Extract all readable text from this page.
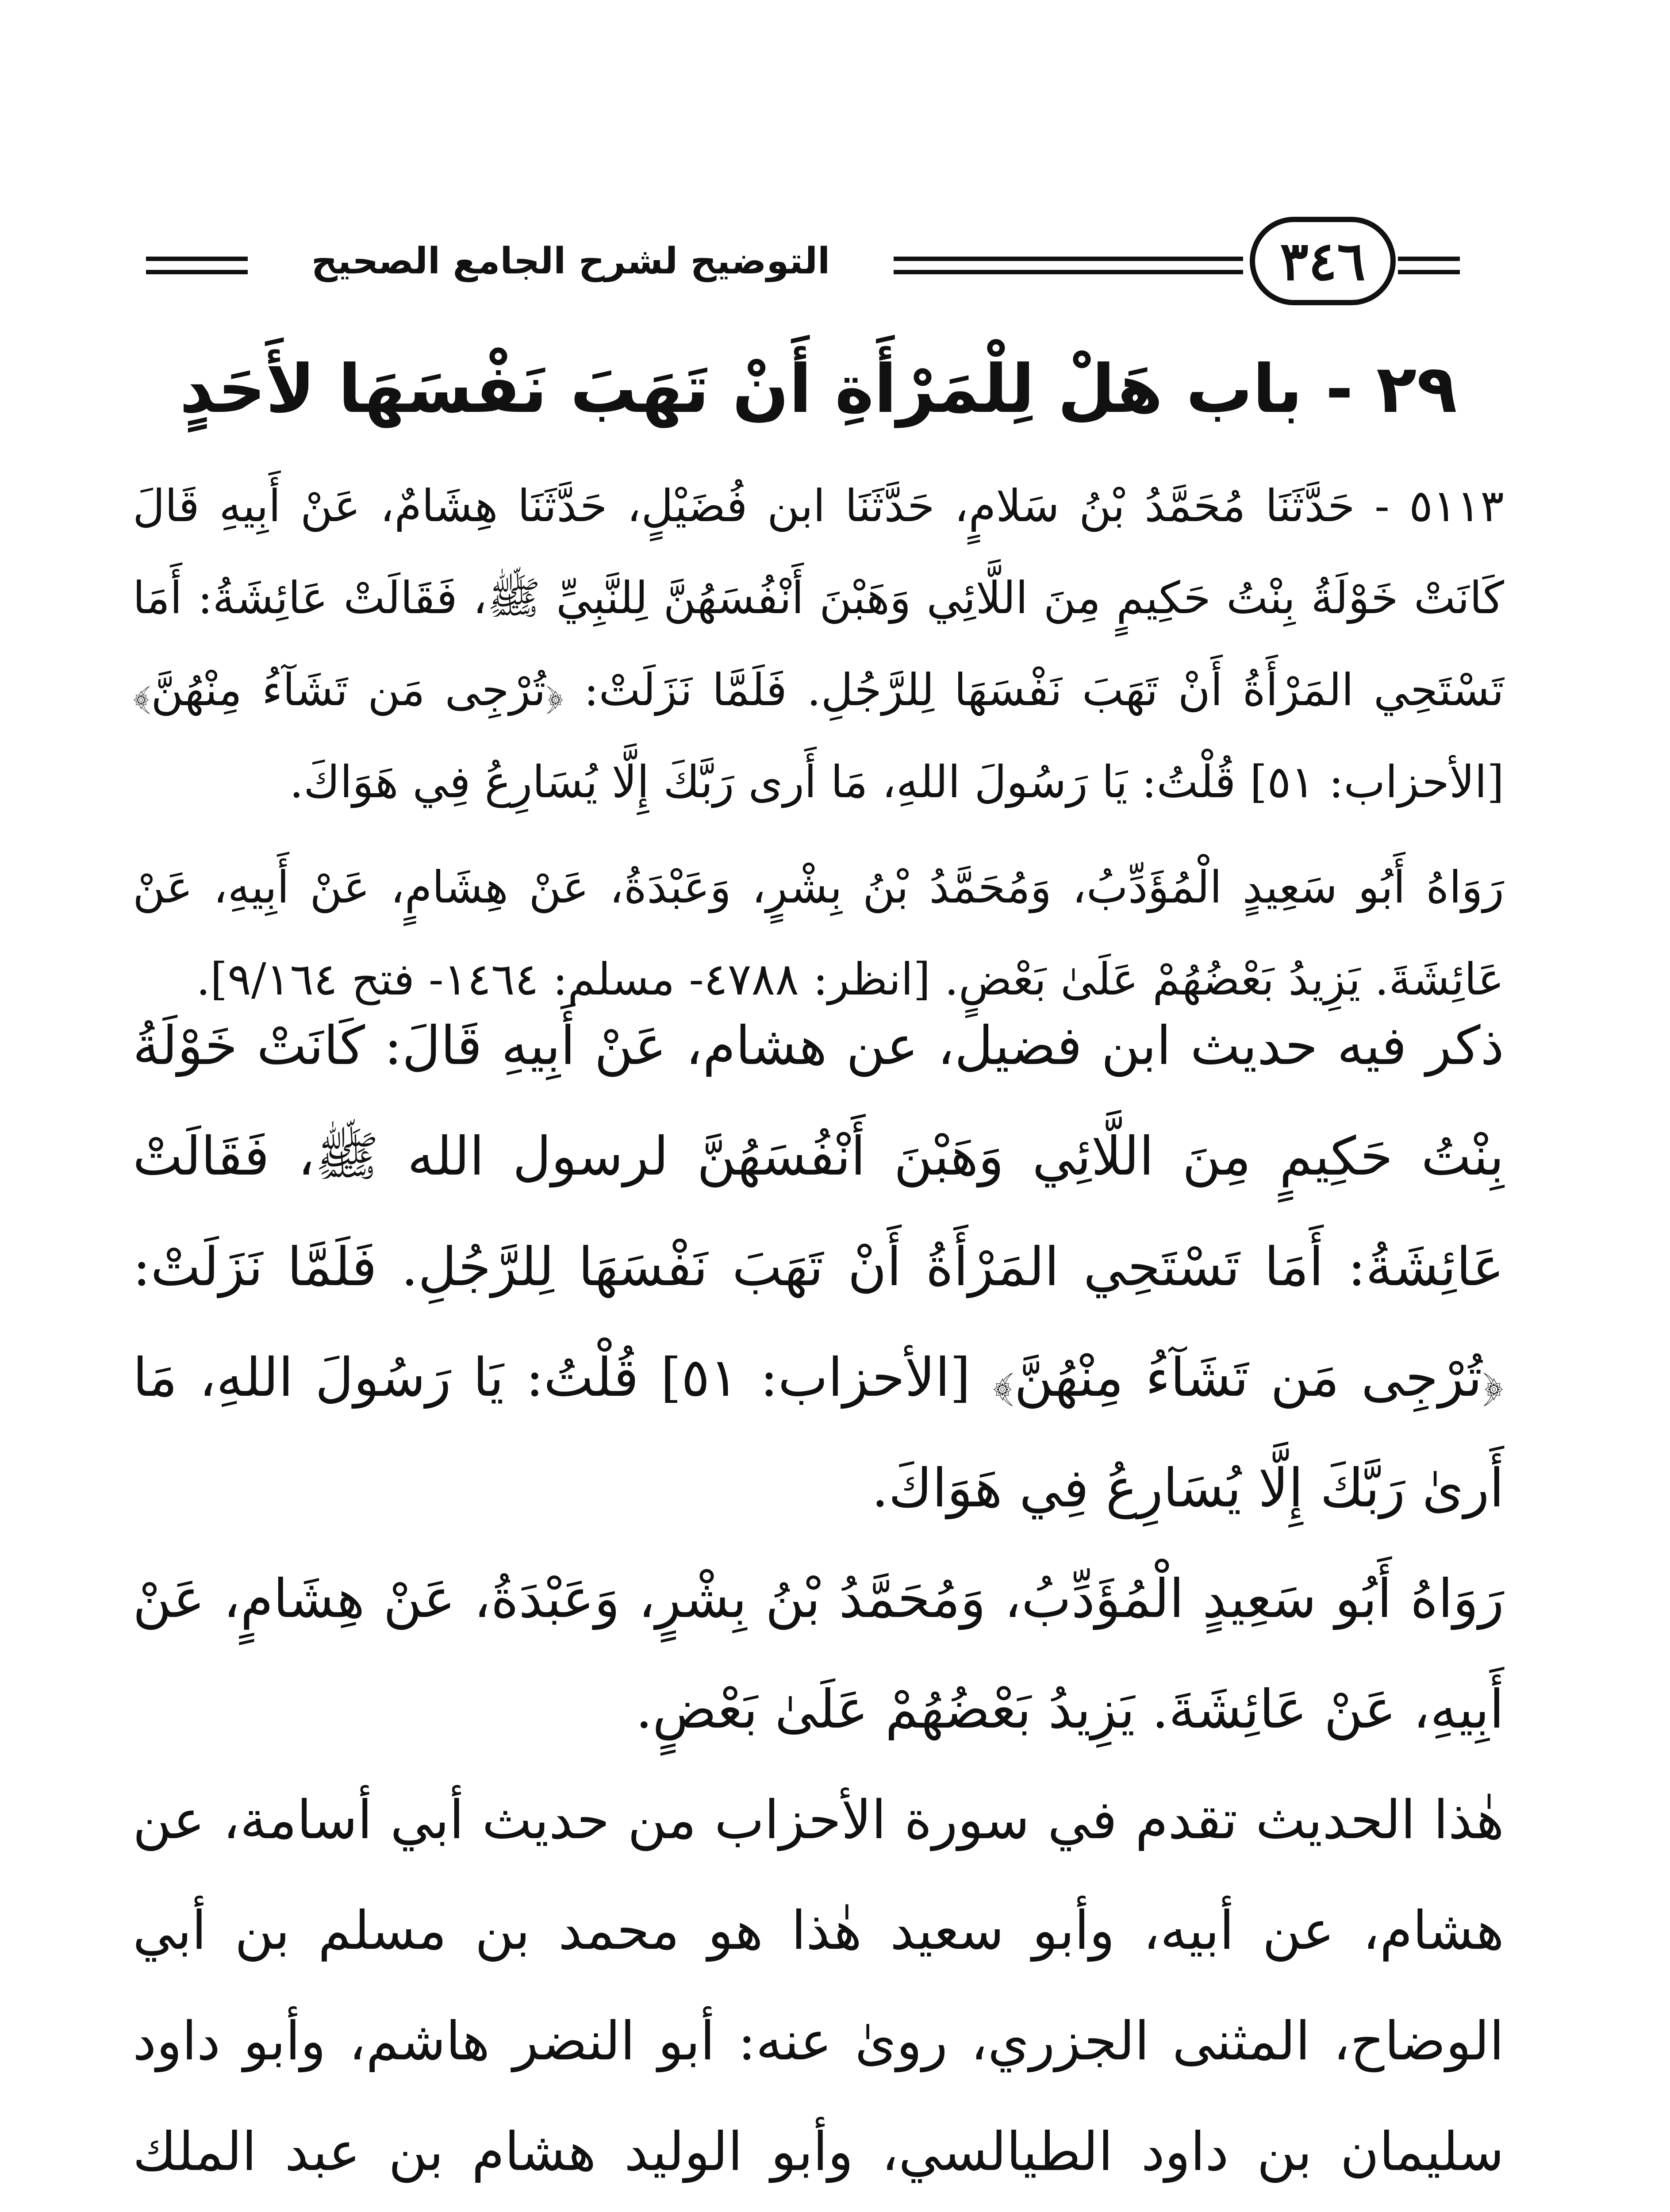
التوضيح لشرح الجامع الصحيح	٣٤٦
٢٩ - باب هَلْ لِلْمَرْأَةِ أَنْ تَهَبَ نَفْسَهَا لأَحَدٍ

٥١١٣ - حَدَّثَنَا مُحَمَّدُ بْنُ سَلامٍ، حَدَّثَنَا ابن فُضَيْلٍ، حَدَّثَنَا هِشَامٌ، عَنْ أَبِيهِ قَالَ كَانَتْ خَوْلَةُ بِنْتُ حَكِيمٍ مِنَ اللَّائِي وَهَبْنَ أَنْفُسَهُنَّ لِلنَّبِيِّ ﷺ، فَقَالَتْ عَائِشَةُ: أَمَا تَسْتَحِي المَرْأَةُ أَنْ تَهَبَ نَفْسَهَا لِلرَّجُلِ. فَلَمَّا نَزَلَتْ: ﴿تُرْجِى مَن تَشَآءُ مِنْهُنَّ﴾ [الأحزاب: ٥١] قُلْتُ: يَا رَسُولَ اللهِ، مَا أَرى رَبَّكَ إِلَّا يُسَارِعُ فِي هَوَاكَ.

رَوَاهُ أَبُو سَعِيدٍ الْمُؤَدِّبُ، وَمُحَمَّدُ بْنُ بِشْرٍ، وَعَبْدَةُ، عَنْ هِشَامٍ، عَنْ أَبِيهِ، عَنْ عَائِشَةَ. يَزِيدُ بَعْضُهُمْ عَلَىٰ بَعْضٍ. [انظر: ٤٧٨٨- مسلم: ١٤٦٤- فتح ٩/١٦٤].

ذكر فيه حديث ابن فضيل، عن هشام، عَنْ أَبِيهِ قَالَ: كَانَتْ خَوْلَةُ بِنْتُ حَكِيمٍ مِنَ اللَّائِي وَهَبْنَ أَنْفُسَهُنَّ لرسول الله ﷺ، فَقَالَتْ عَائِشَةُ: أَمَا تَسْتَحِي المَرْأَةُ أَنْ تَهَبَ نَفْسَهَا لِلرَّجُلِ. فَلَمَّا نَزَلَتْ: ﴿تُرْجِى مَن تَشَآءُ مِنْهُنَّ﴾ [الأحزاب: ٥١] قُلْتُ: يَا رَسُولَ اللهِ، مَا أَرىٰ رَبَّكَ إِلَّا يُسَارِعُ فِي هَوَاكَ.

رَوَاهُ أَبُو سَعِيدٍ الْمُؤَدِّبُ، وَمُحَمَّدُ بْنُ بِشْرٍ، وَعَبْدَةُ، عَنْ هِشَامٍ، عَنْ أَبِيهِ، عَنْ عَائِشَةَ. يَزِيدُ بَعْضُهُمْ عَلَىٰ بَعْضٍ.

هٰذا الحديث تقدم في سورة الأحزاب من حديث أبي أسامة، عن هشام، عن أبيه، وأبو سعيد هٰذا هو محمد بن مسلم بن أبي الوضاح، المثنى الجزري، روىٰ عنه: أبو النضر هاشم، وأبو داود سليمان بن داود الطيالسي، وأبو الوليد هشام بن عبد الملك
